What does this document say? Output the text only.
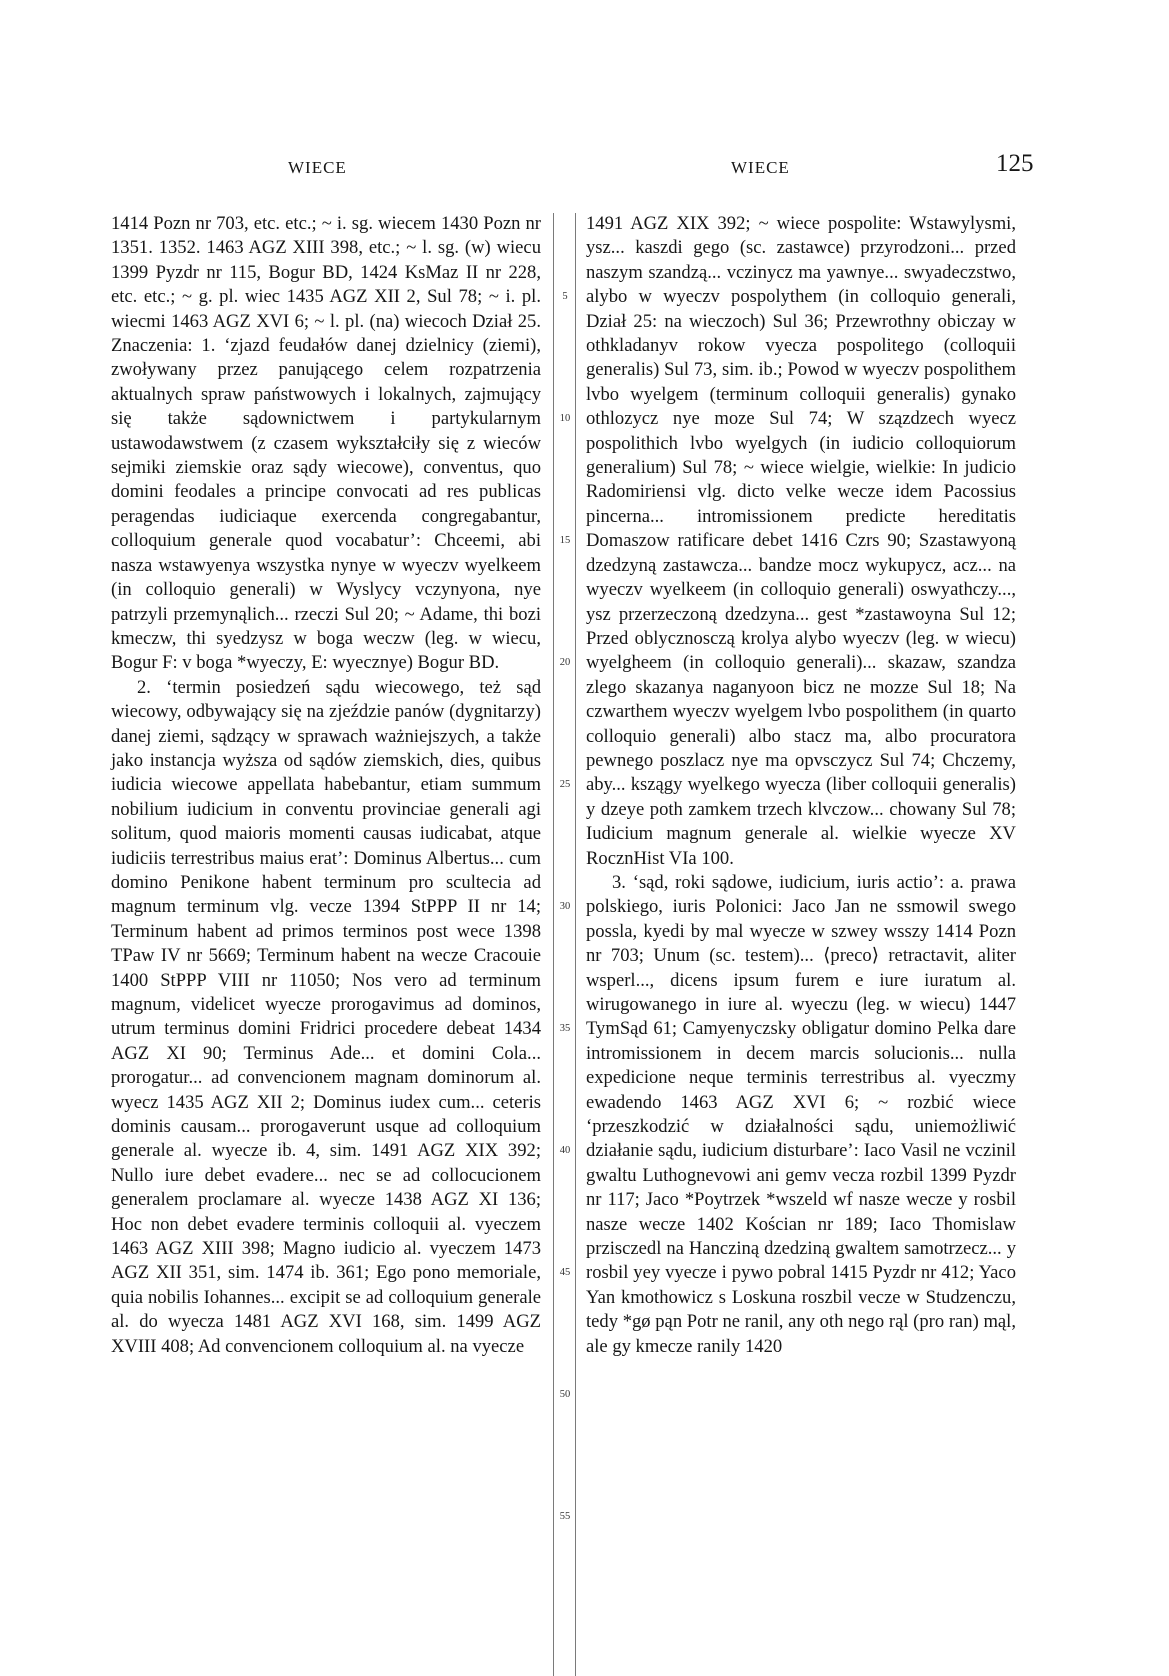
WIECE	WIECE	125

1414 Pozn nr 703, etc. etc.; ~ i. sg. wiecem 1430 Pozn nr 1351. 1352. 1463 AGZ XIII 398, etc.; ~ l. sg. (w) wiecu 1399 Pyzdr nr 115, Bogur BD, 1424 KsMaz II nr 228, etc. etc.; ~ g. pl. wiec 1435 AGZ XII 2, Sul 78; ~ i. pl. wiecmi 1463 AGZ XVI 6; ~ l. pl. (na) wiecoch Dział 25. Znaczenia: 1. ‘zjazd feudałów danej dzielnicy (ziemi), zwoływany przez panującego celem rozpatrzenia aktualnych spraw państwowych i lokalnych, zajmujący się także sądownictwem i partykularnym ustawodawstwem (z czasem wykształciły się z wieców sejmiki ziemskie oraz sądy wiecowe), conventus, quo domini feodales a principe convocati ad res publicas peragendas iudiciaque exercenda congregabantur, colloquium generale quod vocabatur’: Chceemi, abi nasza wstawyenya wszystka nynye w wyeczv wyelkeem (in colloquio generali) w Wyslycy vczynyona, nye patrzyli przemynąlich... rzeczi Sul 20; ~ Adame, thi bozi kmeczw, thi syedzysz w boga weczw (leg. w wiecu, Bogur F: v boga *wyeczy, E: wyecznye) Bogur BD.

2. ‘termin posiedzeń sądu wiecowego, też sąd wiecowy, odbywający się na zjeździe panów (dygnitarzy) danej ziemi, sądzący w sprawach ważniejszych, a także jako instancja wyższa od sądów ziemskich, dies, quibus iudicia wiecowe appellata habebantur, etiam summum nobilium iudicium in conventu provinciae generali agi solitum, quod maioris momenti causas iudicabat, atque iudiciis terrestribus maius erat’: Dominus Albertus... cum domino Penikone habent terminum pro scultecia ad magnum terminum vlg. vecze 1394 StPPP II nr 14; Terminum habent ad primos terminos post wece 1398 TPaw IV nr 5669; Terminum habent na wecze Cracouie 1400 StPPP VIII nr 11050; Nos vero ad terminum magnum, videlicet wyecze prorogavimus ad dominos, utrum terminus domini Fridrici procedere debeat 1434 AGZ XI 90; Terminus Ade... et domini Cola... prorogatur... ad convencionem magnam dominorum al. wyecz 1435 AGZ XII 2; Dominus iudex cum... ceteris dominis causam... prorogaverunt usque ad colloquium generale al. wyecze ib. 4, sim. 1491 AGZ XIX 392; Nullo iure debet evadere... nec se ad collocucionem generalem proclamare al. wyecze 1438 AGZ XI 136; Hoc non debet evadere terminis colloquii al. vyeczem 1463 AGZ XIII 398; Magno iudicio al. vyeczem 1473 AGZ XII 351, sim. 1474 ib. 361; Ego pono memoriale, quia nobilis Iohannes... excipit se ad colloquium generale al. do wyecza 1481 AGZ XVI 168, sim. 1499 AGZ XVIII 408; Ad convencionem colloquium al. na vyecze

5
10
15
20
25
30
35
40
45
50
55

1491 AGZ XIX 392; ~ wiece pospolite: Wstawylysmi, ysz... kaszdi gego (sc. zastawce) przyrodzoni... przed naszym szandzą... vczinycz ma yawnye... swyadeczstwo, alybo w wyeczv pospolythem (in colloquio generali, Dział 25: na wieczoch) Sul 36; Przewrothny obiczay w othkladanyv rokow vyecza pospolitego (colloquii generalis) Sul 73, sim. ib.; Powod w wyeczv pospolithem lvbo wyelgem (terminum colloquii generalis) gynako othlozycz nye moze Sul 74; W szązdzech wyecz pospolithich lvbo wyelgych (in iudicio colloquiorum generalium) Sul 78; ~ wiece wielgie, wielkie: In judicio Radomiriensi vlg. dicto velke wecze idem Pacossius pincerna... intromissionem predicte hereditatis Domaszow ratificare debet 1416 Czrs 90; Szastawyoną dzedzyną zastawcza... bandze mocz wykupycz, acz... na wyeczv wyelkeem (in colloquio generali) oswyathczy..., ysz przerzeczoną dzedzyna... gest *zastawoyna Sul 12; Przed oblycznosczą krolya alybo wyeczv (leg. w wiecu) wyelgheem (in colloquio generali)... skazaw, szandza zlego skazanya naganyoon bicz ne mozze Sul 18; Na czwarthem wyeczv wyelgem lvbo pospolithem (in quarto colloquio generali) albo stacz ma, albo procuratora pewnego poszlacz nye ma opvsczycz Sul 74; Chczemy, aby... kszągy wyelkego wyecza (liber colloquii generalis) y dzeye poth zamkem trzech klvczow... chowany Sul 78; Iudicium magnum generale al. wielkie wyecze XV RocznHist VIa 100.

3. ‘sąd, roki sądowe, iudicium, iuris actio’: a. prawa polskiego, iuris Polonici: Jaco Jan ne ssmowil swego possla, kyedi by mal wyecze w szwey wsszy 1414 Pozn nr 703; Unum (sc. testem)... ⟨preco⟩ retractavit, aliter wsperl..., dicens ipsum furem e iure iuratum al. wirugowanego in iure al. wyeczu (leg. w wiecu) 1447 TymSąd 61; Camyenyczsky obligatur domino Pelka dare intromissionem in decem marcis solucionis... nulla expedicione neque terminis terrestribus al. vyeczmy ewadendo 1463 AGZ XVI 6; ~ rozbić wiece ‘przeszkodzić w działalności sądu, uniemożliwić działanie sądu, iudicium disturbare’: Iaco Vasil ne vczinil gwaltu Luthognevowi ani gemv vecza rozbil 1399 Pyzdr nr 117; Jaco *Poytrzek *wszeld wf nasze wecze y rosbil nasze wecze 1402 Kościan nr 189; Iaco Thomislaw przisczedl na Hancziną dzedziną gwaltem samotrzecz... y rosbil yey vyecze i pywo pobral 1415 Pyzdr nr 412; Yaco Yan kmothowicz s Loskuna roszbil vecze w Studzenczu, tedy *gø pąn Potr ne ranil, any oth nego rąl (pro ran) mąl, ale gy kmecze ranily 1420
